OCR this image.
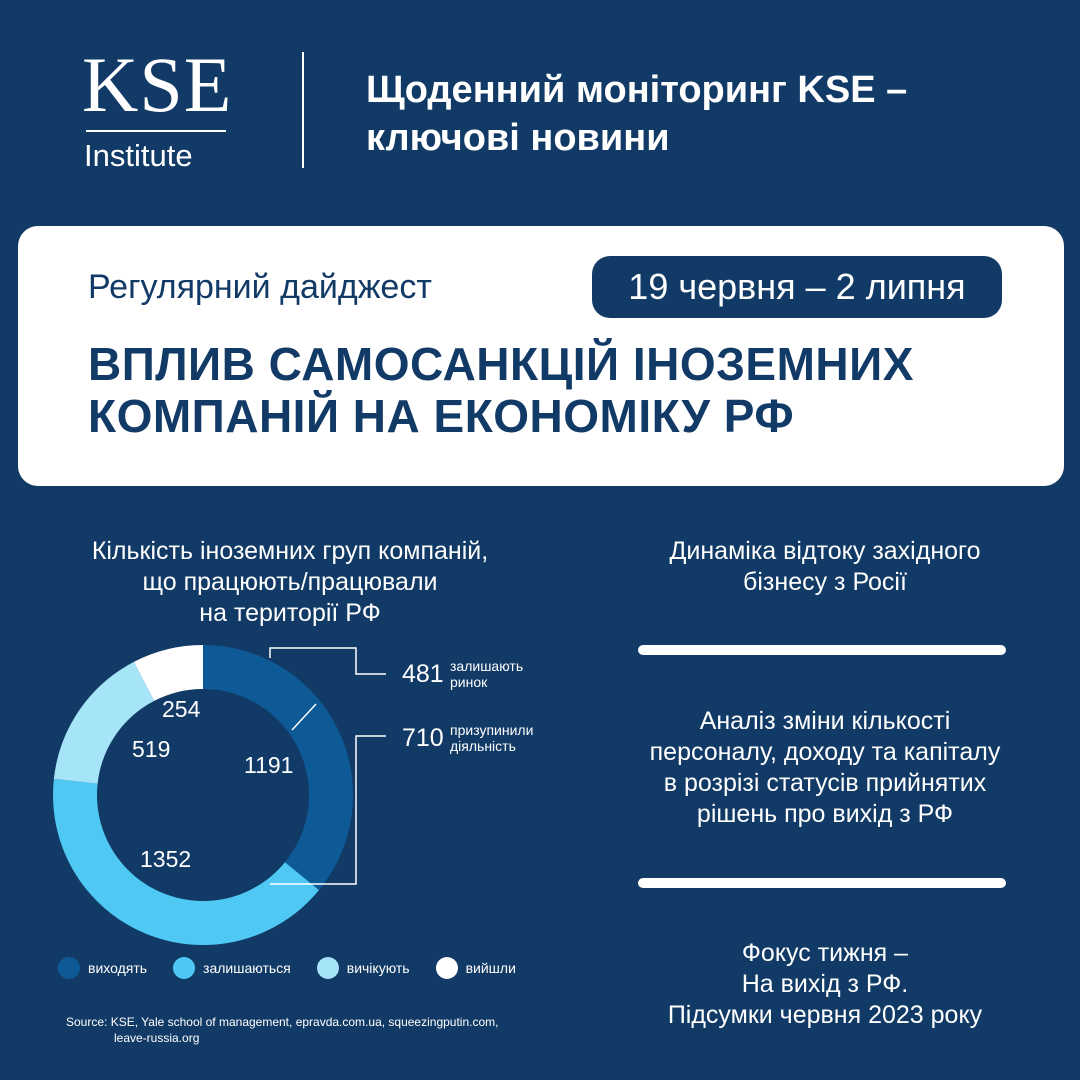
KSE
Institute
Щоденний моніторинг KSE –
ключові новини
Регулярний дайджест	19 червня – 2 липня
ВПЛИВ САМОСАНКЦІЙ ІНОЗЕМНИХ
КОМПАНІЙ НА ЕКОНОМІКУ РФ
Кількість іноземних груп компаній,
що працюють/працювали
на території РФ
1191
1352
519
254
481 залишають
ринок
710 призупинили
діяльність
виходять	залишаються	вичікують	вийшли
Source: KSE, Yale school of management, epravda.com.ua, squeezingputin.com,
leave-russia.org
Динаміка відтоку західного
бізнесу з Росії
Аналіз зміни кількості
персоналу, доходу та капіталу
в розрізі статусів прийнятих
рішень про вихід з РФ
Фокус тижня –
На вихід з РФ.
Підсумки червня 2023 року
